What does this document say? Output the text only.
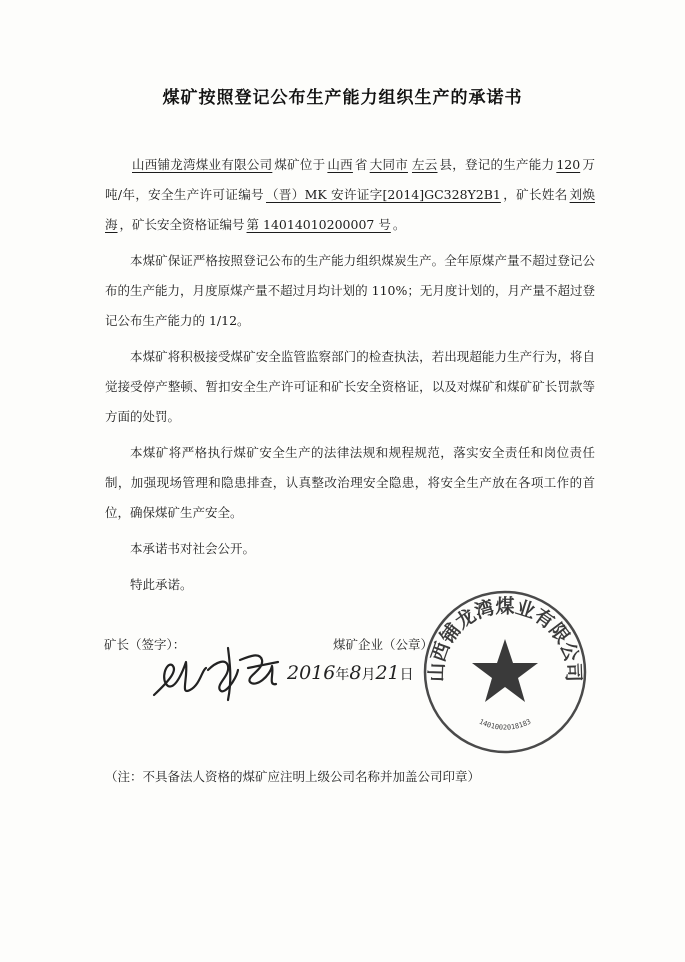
煤矿按照登记公布生产能力组织生产的承诺书

山西铺龙湾煤业有限公司 煤矿位于 山西 省 大同市 左云 县，登记的生产能力 120 万吨/年，安全生产许可证编号 （晋）MK 安许证字[2014]GC328Y2B1 ，矿长姓名 刘焕海 ，矿长安全资格证编号 第 14014010200007 号 。

本煤矿保证严格按照登记公布的生产能力组织煤炭生产。全年原煤产量不超过登记公布的生产能力，月度原煤产量不超过月均计划的 110%；无月度计划的，月产量不超过登记公布生产能力的 1/12。

本煤矿将积极接受煤矿安全监管监察部门的检查执法，若出现超能力生产行为，将自觉接受停产整顿、暂扣安全生产许可证和矿长安全资格证，以及对煤矿和煤矿矿长罚款等方面的处罚。

本煤矿将严格执行煤矿安全生产的法律法规和规程规范，落实安全责任和岗位责任制，加强现场管理和隐患排查，认真整改治理安全隐患，将安全生产放在各项工作的首位，确保煤矿生产安全。

本承诺书对社会公开。

特此承诺。

矿长（签字）：	煤矿企业（公章）
2016年8月21日 山西铺龙湾煤业有限公司
1401002018183
（注：不具备法人资格的煤矿应注明上级公司名称并加盖公司印章）
